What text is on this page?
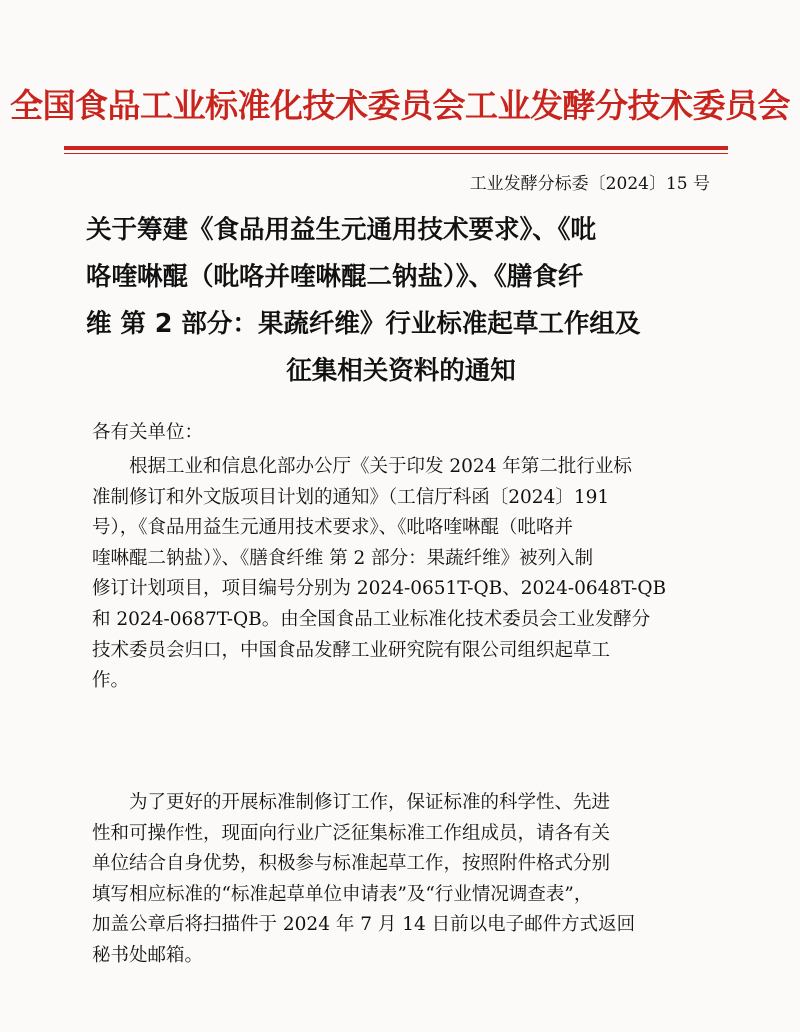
全国食品工业标准化技术委员会工业发酵分技术委员会
工业发酵分标委〔2024〕15 号
关于筹建《食品用益生元通用技术要求》、《吡
咯喹啉醌（吡咯并喹啉醌二钠盐）》、《膳食纤
维 第 2 部分：果蔬纤维》行业标准起草工作组及
征集相关资料的通知
各有关单位：
根据工业和信息化部办公厅《关于印发 2024 年第二批行业标
准制修订和外文版项目计划的通知》（工信厅科函〔2024〕191
号），《食品用益生元通用技术要求》、《吡咯喹啉醌（吡咯并
喹啉醌二钠盐）》、《膳食纤维 第 2 部分：果蔬纤维》被列入制
修订计划项目，项目编号分别为 2024-0651T-QB、2024-0648T-QB
和 2024-0687T-QB。由全国食品工业标准化技术委员会工业发酵分
技术委员会归口，中国食品发酵工业研究院有限公司组织起草工
作。
为了更好的开展标准制修订工作，保证标准的科学性、先进
性和可操作性，现面向行业广泛征集标准工作组成员，请各有关
单位结合自身优势，积极参与标准起草工作，按照附件格式分别
填写相应标准的“标准起草单位申请表”及“行业情况调查表”，
加盖公章后将扫描件于 2024 年 7 月 14 日前以电子邮件方式返回
秘书处邮箱。
